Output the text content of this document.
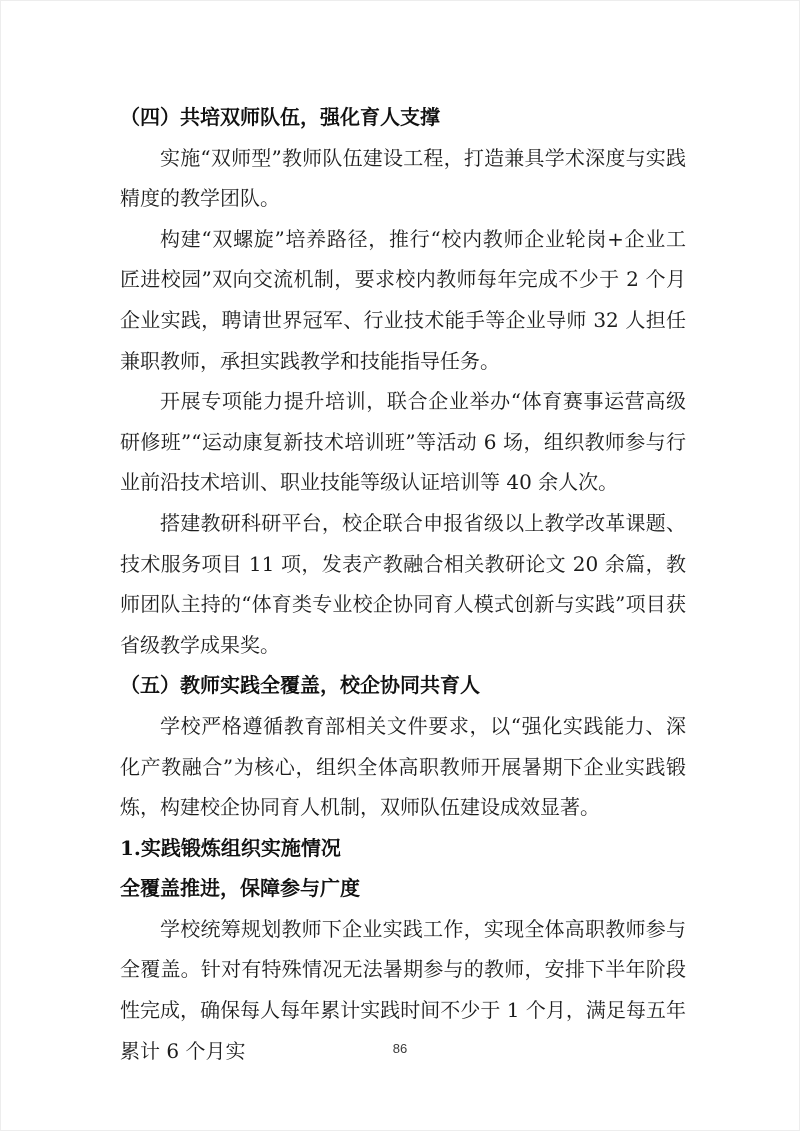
（四）共培双师队伍，强化育人支撑

实施“双师型”教师队伍建设工程，打造兼具学术深度与实践精度的教学团队。

构建“双螺旋”培养路径，推行“校内教师企业轮岗+企业工匠进校园”双向交流机制，要求校内教师每年完成不少于 2 个月企业实践，聘请世界冠军、行业技术能手等企业导师 32 人担任兼职教师，承担实践教学和技能指导任务。

开展专项能力提升培训，联合企业举办“体育赛事运营高级研修班”“运动康复新技术培训班”等活动 6 场，组织教师参与行业前沿技术培训、职业技能等级认证培训等 40 余人次。

搭建教研科研平台，校企联合申报省级以上教学改革课题、技术服务项目 11 项，发表产教融合相关教研论文 20 余篇，教师团队主持的“体育类专业校企协同育人模式创新与实践”项目获省级教学成果奖。

（五）教师实践全覆盖，校企协同共育人

学校严格遵循教育部相关文件要求，以“强化实践能力、深化产教融合”为核心，组织全体高职教师开展暑期下企业实践锻炼，构建校企协同育人机制，双师队伍建设成效显著。

1.实践锻炼组织实施情况
全覆盖推进，保障参与广度

学校统筹规划教师下企业实践工作，实现全体高职教师参与全覆盖。针对有特殊情况无法暑期参与的教师，安排下半年阶段性完成，确保每人每年累计实践时间不少于 1 个月，满足每五年累计 6 个月实	86
